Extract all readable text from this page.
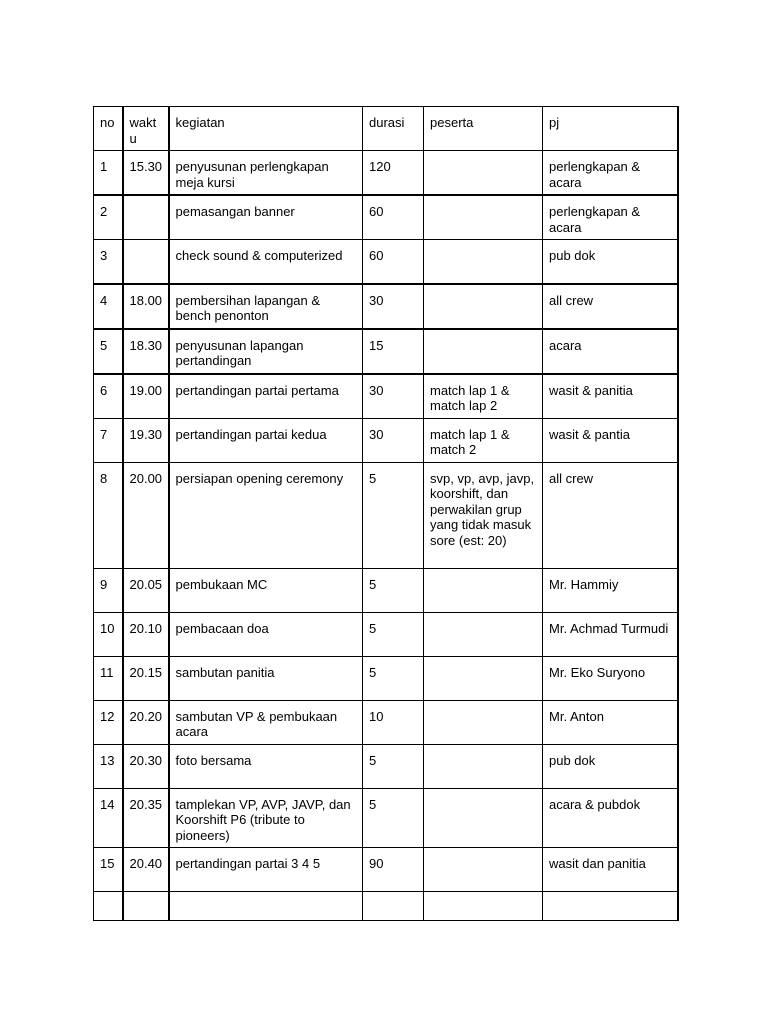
no	waktu	kegiatan	durasi	peserta	pj
1	15.30	penyusunan perlengkapan meja kursi	120		perlengkapan & acara
2		pemasangan banner	60		perlengkapan & acara
3		check sound & computerized	60		pub dok
4	18.00	pembersihan lapangan & bench penonton	30		all crew
5	18.30	penyusunan lapangan pertandingan	15		acara
6	19.00	pertandingan partai pertama	30	match lap 1 & match lap 2	wasit & panitia
7	19.30	pertandingan partai kedua	30	match lap 1 & match 2	wasit & pantia
8	20.00	persiapan opening ceremony	5	svp, vp, avp, javp, koorshift, dan perwakilan grup yang tidak masuk sore (est: 20)	all crew
9	20.05	pembukaan MC	5		Mr. Hammiy
10	20.10	pembacaan doa	5		Mr. Achmad Turmudi
11	20.15	sambutan panitia	5		Mr. Eko Suryono
12	20.20	sambutan VP & pembukaan acara	10		Mr. Anton
13	20.30	foto bersama	5		pub dok
14	20.35	tamplekan VP, AVP, JAVP, dan Koorshift P6 (tribute to pioneers)	5		acara & pubdok
15	20.40	pertandingan partai 3 4 5	90		wasit dan panitia
